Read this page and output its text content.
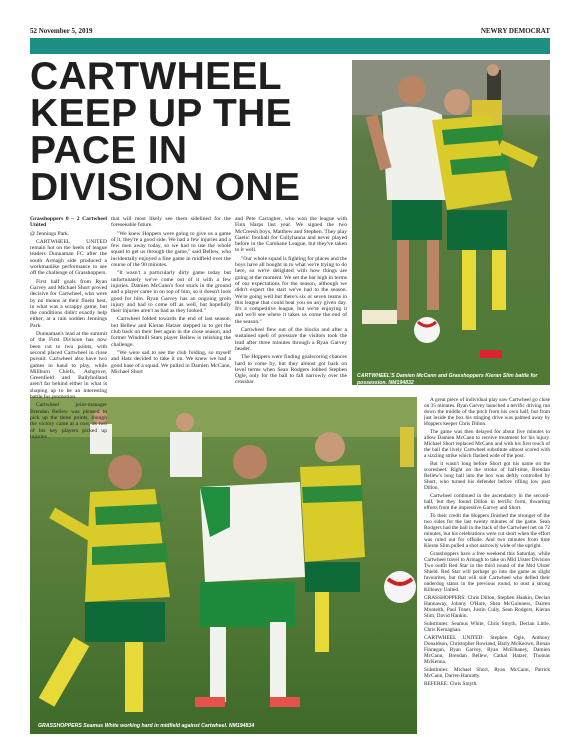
52 November 5, 2019	NEWRY DEMOCRAT
CARTWHEEL
KEEP UP THE
PACE IN
DIVISION ONE
CARTWHEEL'S Damien McCann and Grasshoppers Kieran Slim battle for possession. NM194832
GRASSHOPPERS Seamus White working hard in midfield against Cartwheel. NM194834

Grasshoppers 0 – 2 Cartwheel United

@ Jennings Park.

CARTWHEEL UNITED remain hot on the heels of league leaders Dunnaman FC after the south Armagh side produced a workmanlike performance to see off the challenge of Grasshoppers.

First half goals from Ryan Garvey and Michael Short proved decisive for Cartwheel, who were by no means at their fluent best, in what was a scrappy game, but the conditions didn't exactly help either, at a rain sodden Jennings Park.

Dunnaman's lead at the summit of the First Division has now been cut to two points, with second placed Cartwheel in close pursuit. Cartwheel also have two games in hand to play, while Millburn Chiefs, Ashgrove, Greenfield and Ballyholland aren't far behind either in what is shaping up to be an interesting battle for promotion.

Cartwheel joint-manager Brendan Bellew was pleased to pick up the three points, though the victory came at a cost, as two of his key players picked up injuries

that will most likely see them sidelined for the foreseeable future.

"We knew Hoppers were going to give us a game of it, they're a good side. We had a few injuries and a few men away today, so we had to use the whole squad to get us through the game," said Bellew, who incidentally enjoyed a fine game in midfield over the course of the 90 minutes.

"It wasn't a particularly dirty game today but unfortunately we've come out of it with a few injuries. Damien McCann's foot stuck in the ground and a player came in on top of him, so it doesn't look good for him. Ryan Garvey has an ongoing groin injury and had to come off as well, but hopefully their injuries aren't as bad as they looked."

Cartwheel folded towards the end of last season, but Bellew and Kieran Hatzer stepped in to get the club back on their feet again in the close season, and former Windmill Stars player Bellew is relishing the challenge.

"We were sad to see the club folding, so myself and Hatz decided to take it on. We knew we had a good base of a squad. We pulled in Damien McCann, Michael Short

and Pete Carragher, who won the league with Finn Harps last year. We signed the two McCreesh boys, Matthew and Stephen. They play Gaelic football for Cullyhanna and never played before in the Carnbane League, but they've taken to it well.

"Our whole squad is fighting for places and the boys have all bought in to what we're trying to do here, so we're delighted with how things are going at the moment. We set the bar high in terms of our expectations for the season, although we didn't expect the start we've had to the season. We're going well but there's six or seven teams in this league that could beat you on any given day. It's a competitive league, but we're enjoying it and we'll see where it takes us come the end of the season."

Cartwheel flew out of the blocks and after a sustained spell of pressure the visitors took the lead after three minutes through a Ryan Garvey header.

The Hoppers were finding goalscoring chances hard to come by, but they almost got back on level terms when Sean Rodgers lobbed Stephen Ogle, only for the ball to fall narrowly over the crossbar.

A great piece of individual play saw Cartwheel go close on 35 minutes. Ryan Garvey launched a terrific driving run down the middle of the pitch from his own half, but from just inside the box his stinging drive was palmed away by Hoppers keeper Chris Dillon.

The game was then delayed for about five minutes to allow Damien McCann to receive treatment for his injury. Michael Short replaced McCann and with his first touch of the ball the lively Cartwheel substitute almost scored with a sizzling strike which flashed wide of the post.

But it wasn't long before Short got his name on the scoresheet. Right on the stroke of half-time, Brendan Bellew's long ball into the box was deftly controlled by Short, who turned his defender before rifling low past Dillon.

Cartwheel continued in the ascendancy in the second-half, but they found Dillon in terrific form, thwarting efforts from the impressive Garvey and Short.

To their credit the Hoppers finished the stronger of the two sides for the last twenty minutes of the game. Sean Rodgers had the ball in the back of the Cartwheel net on 72 minutes, but his celebrations were cut short when the effort was ruled out for offside. And two minutes from time Kieran Slim pulled a shot narrowly wide of the upright.

Grasshoppers have a free weekend this Saturday, while Cartwheel travel to Armagh to take on Mid Ulster Division Two outfit Red Star in the third round of the Mid Ulster Shield. Red Star will perhaps go into the game as slight favourites, but that will suit Cartwheel who defied their underdog status in the previous round, to oust a strong Killeavy United.

GRASSHOPPERS: Chris Dillon, Stephen Hankin, Declan Hannaway, Johnny O'Hare, Shea McGuinness, Darren Monteith, Paul Toner, Justin Cully, Sean Rodgers, Kieran Slim, David Hankin.

Substitutes: Seamus White, Chris Smyth, Declan Little, Chris Kernaghan.

CARTWHEEL UNITED: Stephen Ogle, Anthony Donaldson, Christopher Rowland, Barry McKeown, Ronan Finnegan, Ryan Garvey, Ryan McElhaney, Damien McCann, Brendan Bellew, Cathal Hatzer, Thomas McKenna.

Substitutes: Michael Short, Ryan McCann, Patrick McCann, Darren Hanratty.

REFEREE: Chris Smyth.
